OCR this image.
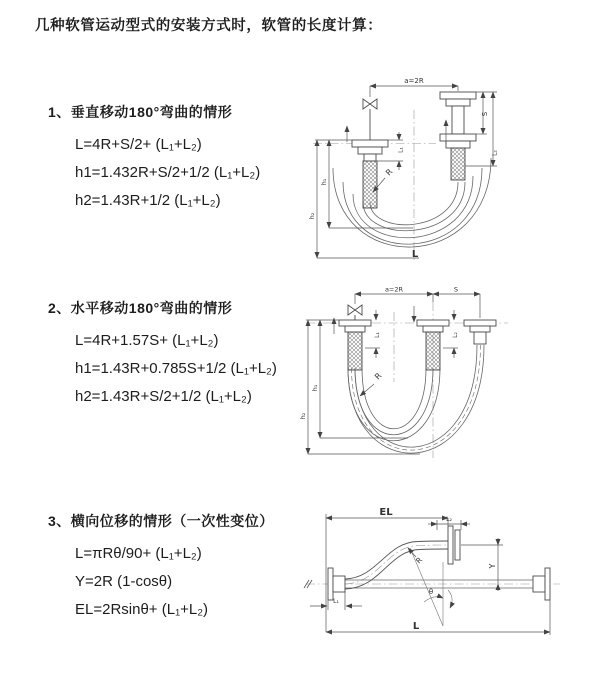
几种软管运动型式的安装方式时，软管的长度计算：
1、垂直移动180°弯曲的情形
L=4R+S/2+ (L₁+L₂)
h1=1.432R+S/2+1/2 (L₁+L₂)
h2=1.43R+1/2 (L₁+L₂)
2、水平移动180°弯曲的情形
L=4R+1.57S+ (L₁+L₂)
h1=1.43R+0.785S+1/2 (L₁+L₂)
h2=1.43R+S/2+1/2 (L₁+L₂)
3、横向位移的情形（一次性变位）
L=πRθ/90+ (L₁+L₂)
Y=2R (1-cosθ)
EL=2Rsinθ+ (L₁+L₂)
a=2R
S
L₂
L₁
h₁
h₂
R
L
a=2R	S
L₁	L₂
h₁
h₂
R
EL
L₂
R
θ
Y
L
L₁
